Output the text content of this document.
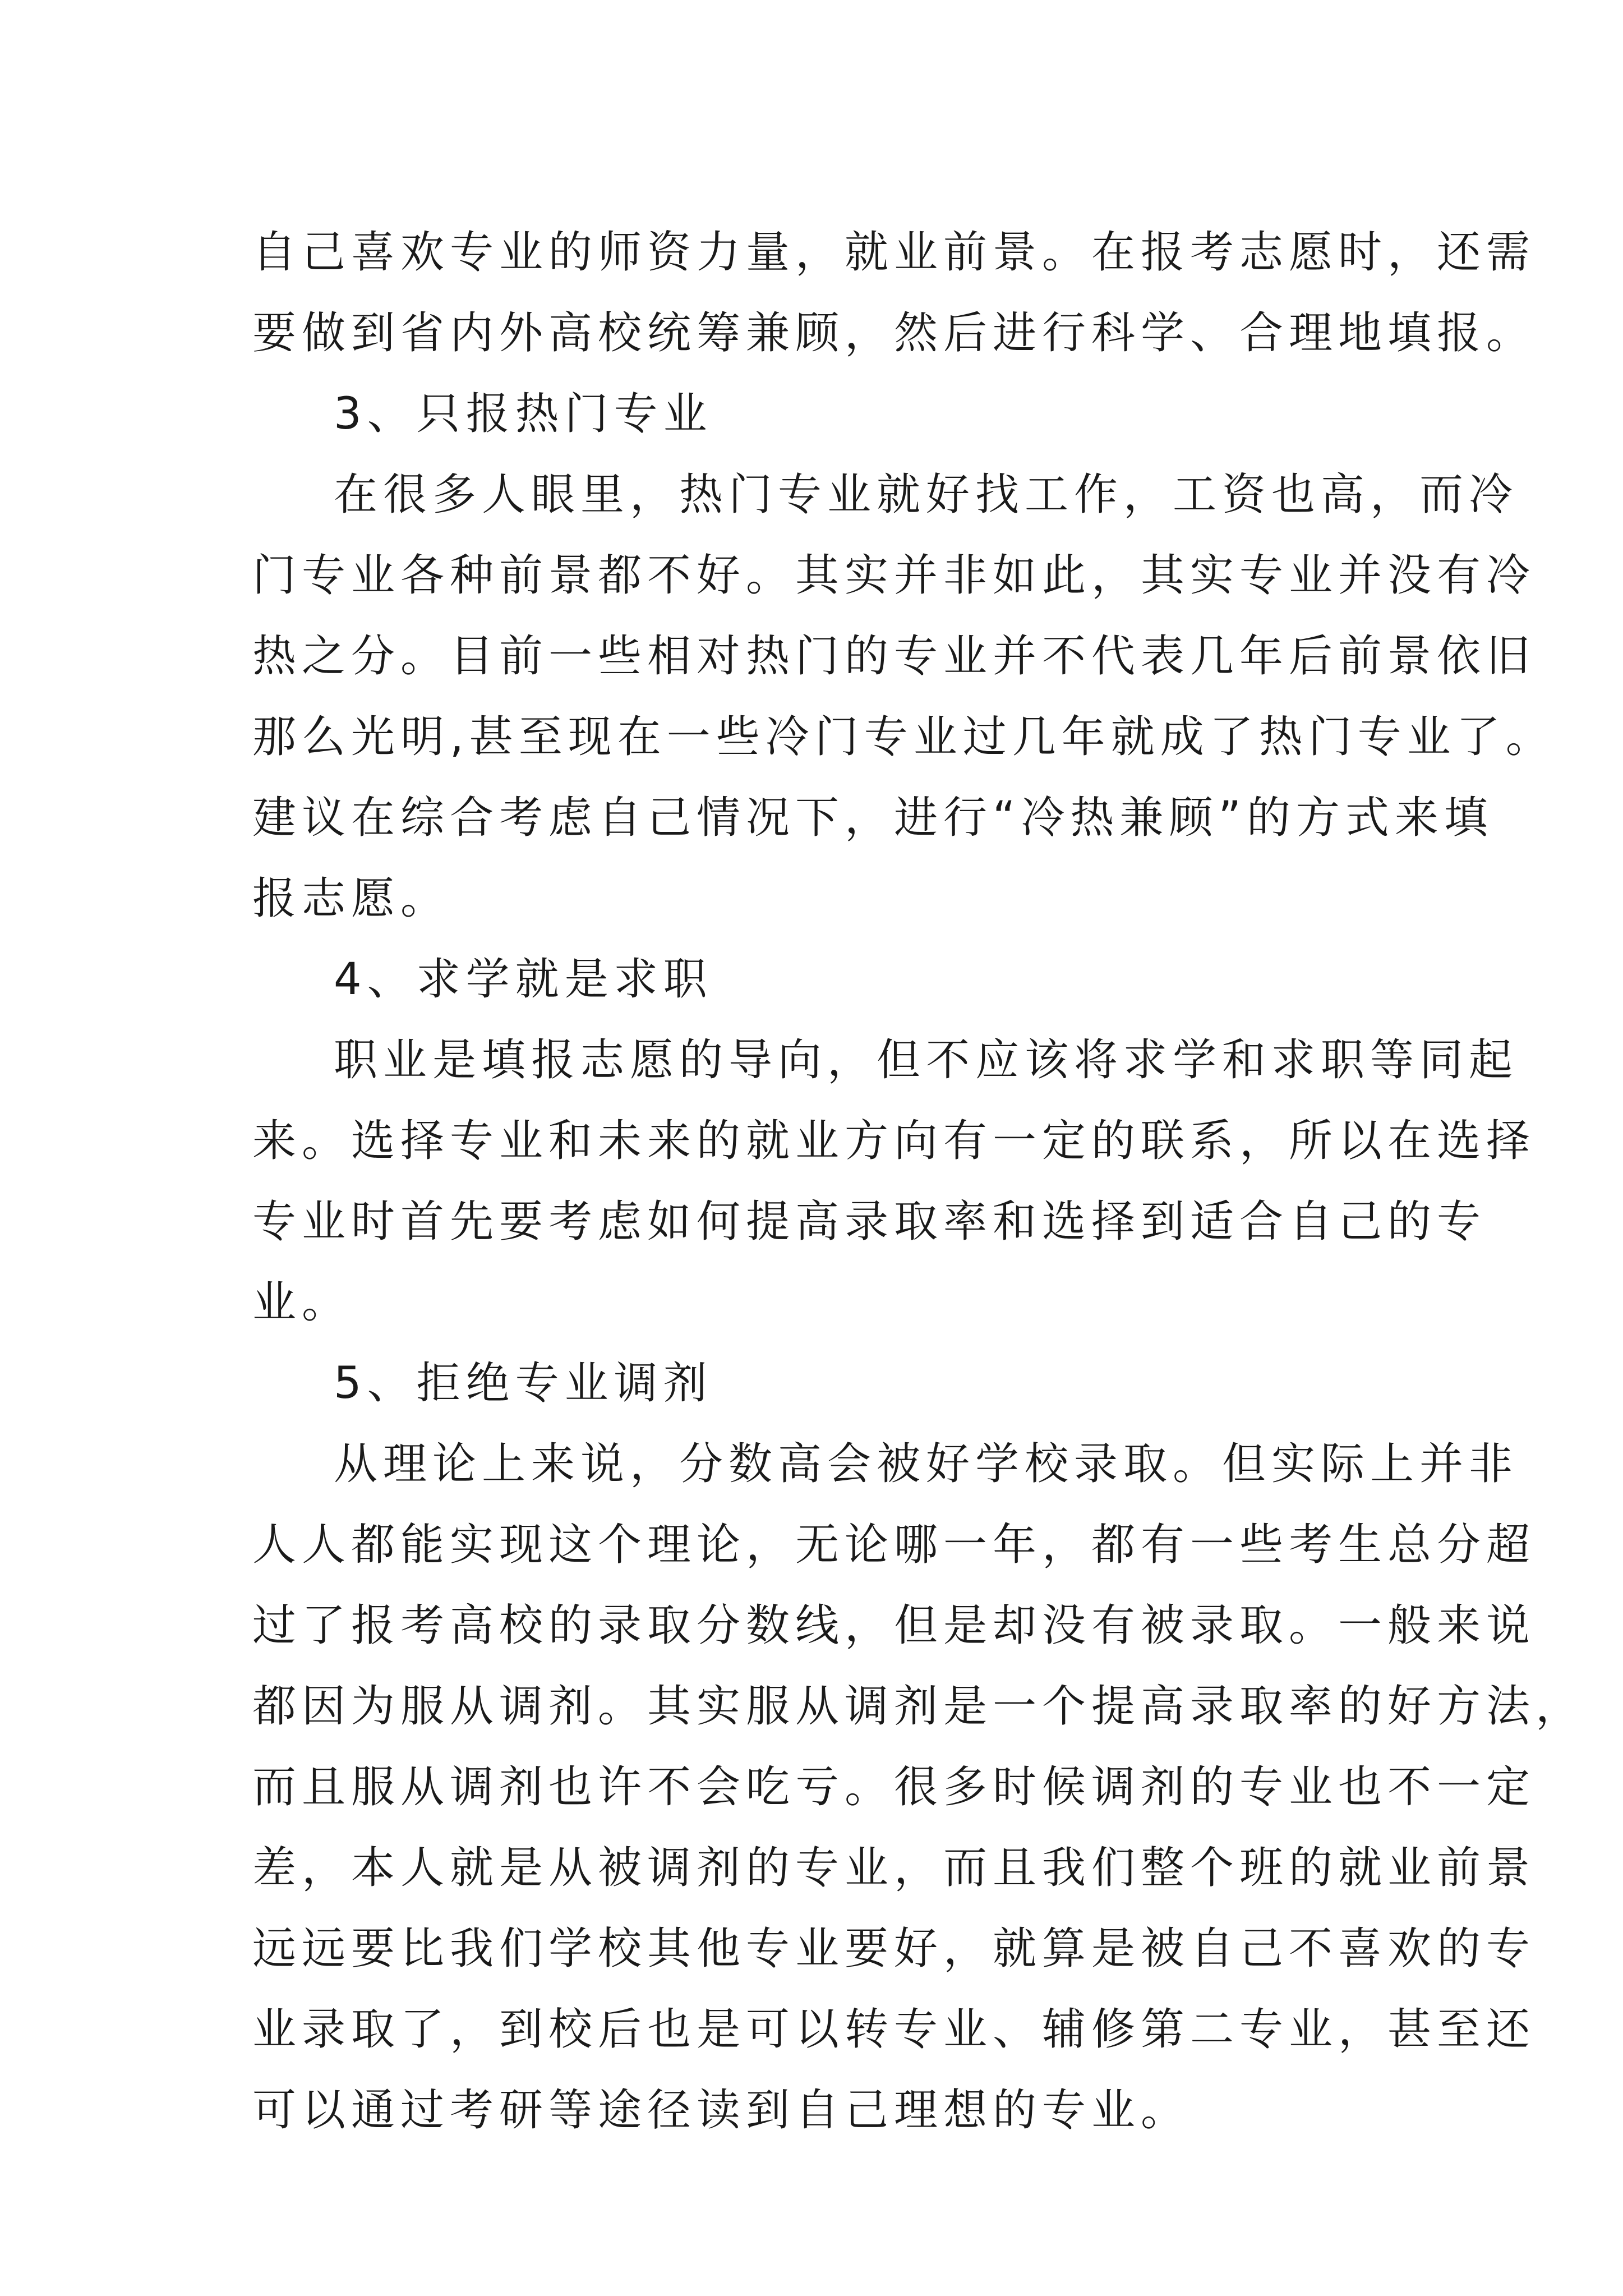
自己喜欢专业的师资力量，就业前景。在报考志愿时，还需
要做到省内外高校统筹兼顾，然后进行科学、合理地填报。
3、只报热门专业
在很多人眼里，热门专业就好找工作，工资也高，而冷
门专业各种前景都不好。其实并非如此，其实专业并没有冷
热之分。目前一些相对热门的专业并不代表几年后前景依旧
那么光明,甚至现在一些冷门专业过几年就成了热门专业了。
建议在综合考虑自己情况下，进行“冷热兼顾”的方式来填
报志愿。
4、求学就是求职
职业是填报志愿的导向，但不应该将求学和求职等同起
来。选择专业和未来的就业方向有一定的联系，所以在选择
专业时首先要考虑如何提高录取率和选择到适合自己的专
业。
5、拒绝专业调剂
从理论上来说，分数高会被好学校录取。但实际上并非
人人都能实现这个理论，无论哪一年，都有一些考生总分超
过了报考高校的录取分数线，但是却没有被录取。一般来说
都因为服从调剂。其实服从调剂是一个提高录取率的好方法，
而且服从调剂也许不会吃亏。很多时候调剂的专业也不一定
差，本人就是从被调剂的专业，而且我们整个班的就业前景
远远要比我们学校其他专业要好，就算是被自己不喜欢的专
业录取了，到校后也是可以转专业、辅修第二专业，甚至还
可以通过考研等途径读到自己理想的专业。
